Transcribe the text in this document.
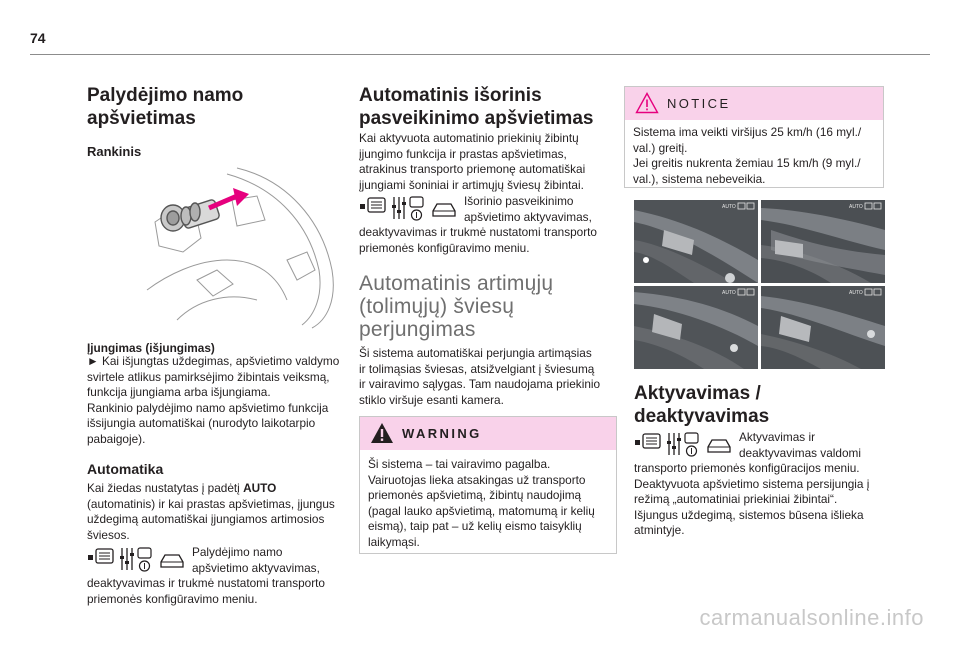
74
Palydėjimo namo
apšvietimas
Rankinis
Įjungimas (išjungimas)
► Kai išjungtas uždegimas, apšvietimo valdymo
svirtele atlikus pamirksėjimo žibintais veiksmą,
funkcija įjungiama arba išjungiama.
Rankinio palydėjimo namo apšvietimo funkcija
išsijungia automatiškai (nurodyto laikotarpio
pabaigoje).
Automatika
Kai žiedas nustatytas į padėtį AUTO
(automatinis) ir kai prastas apšvietimas, įjungus
uždegimą automatiškai įjungiamos artimosios
šviesos.
Palydėjimo namo
apšvietimo aktyvavimas,
deaktyvavimas ir trukmė nustatomi transporto
priemonės konfigūravimo meniu.
Automatinis išorinis
pasveikinimo apšvietimas
Kai aktyvuota automatinio priekinių žibintų
įjungimo funkcija ir prastas apšvietimas,
atrakinus transporto priemonę automatiškai
įjungiami šoniniai ir artimųjų šviesų žibintai.
Išorinio pasveikinimo
apšvietimo aktyvavimas,
deaktyvavimas ir trukmė nustatomi transporto
priemonės konfigūravimo meniu.
Automatinis artimųjų
(tolimųjų) šviesų
perjungimas
Ši sistema automatiškai perjungia artimąsias
ir tolimąsias šviesas, atsižvelgiant į šviesumą
ir vairavimo sąlygas. Tam naudojama priekinio
stiklo viršuje esanti kamera.
WARNING
Ši sistema – tai vairavimo pagalba.
Vairuotojas lieka atsakingas už transporto
priemonės apšvietimą, žibintų naudojimą
(pagal lauko apšvietimą, matomumą ir kelių
eismą), taip pat – už kelių eismo taisyklių
laikymąsi.
NOTICE
Sistema ima veikti viršijus 25 km/h (16 myl./
val.) greitį.
Jei greitis nukrenta žemiau 15 km/h (9 myl./
val.), sistema nebeveikia.
AUTO	AUTO
AUTO	AUTO
Aktyvavimas /
deaktyvavimas
Aktyvavimas ir
deaktyvavimas valdomi
transporto priemonės konfigūracijos meniu.
Deaktyvuota apšvietimo sistema persijungia į
režimą „automatiniai priekiniai žibintai“.
Išjungus uždegimą, sistemos būsena išlieka
atmintyje.
carmanualsonline.info
